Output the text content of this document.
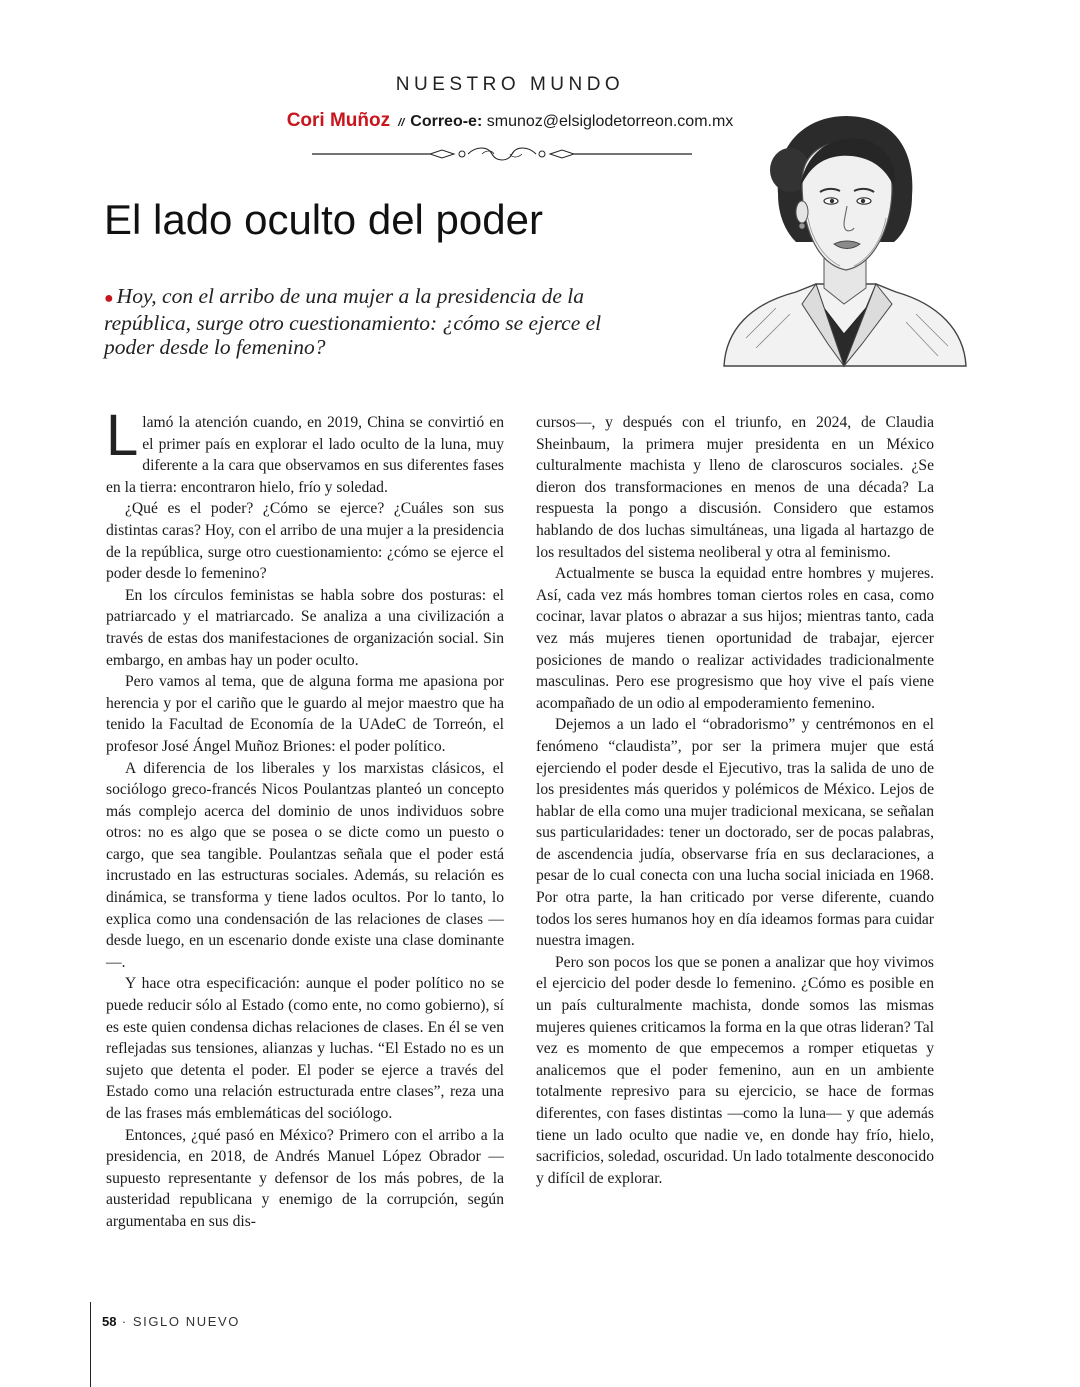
NUESTRO MUNDO
Cori Muñoz // Correo-e: smunoz@elsiglodetorreon.com.mx
El lado oculto del poder
● Hoy, con el arribo de una mujer a la presidencia de la república, surge otro cuestionamiento: ¿cómo se ejerce el poder desde lo femenino?

Llamó la atención cuando, en 2019, China se convirtió en el primer país en explorar el lado oculto de la luna, muy diferente a la cara que observamos en sus diferentes fases en la tierra: encontraron hielo, frío y soledad.

¿Qué es el poder? ¿Cómo se ejerce? ¿Cuáles son sus distintas caras? Hoy, con el arribo de una mujer a la presidencia de la república, surge otro cuestionamiento: ¿cómo se ejerce el poder desde lo femenino?

En los círculos feministas se habla sobre dos posturas: el patriarcado y el matriarcado. Se analiza a una civilización a través de estas dos manifestaciones de organización social. Sin embargo, en ambas hay un poder oculto.

Pero vamos al tema, que de alguna forma me apasiona por herencia y por el cariño que le guardo al mejor maestro que ha tenido la Facultad de Economía de la UAdeC de Torreón, el profesor José Ángel Muñoz Briones: el poder político.

A diferencia de los liberales y los marxistas clásicos, el sociólogo greco-francés Nicos Poulantzas planteó un concepto más complejo acerca del dominio de unos individuos sobre otros: no es algo que se posea o se dicte como un puesto o cargo, que sea tangible. Poulantzas señala que el poder está incrustado en las estructuras sociales. Además, su relación es dinámica, se transforma y tiene lados ocultos. Por lo tanto, lo explica como una condensación de las relaciones de clases —desde luego, en un escenario donde existe una clase dominante—.

Y hace otra especificación: aunque el poder político no se puede reducir sólo al Estado (como ente, no como gobierno), sí es este quien condensa dichas relaciones de clases. En él se ven reflejadas sus tensiones, alianzas y luchas. “El Estado no es un sujeto que detenta el poder. El poder se ejerce a través del Estado como una relación estructurada entre clases”, reza una de las frases más emblemáticas del sociólogo.

Entonces, ¿qué pasó en México? Primero con el arribo a la presidencia, en 2018, de Andrés Manuel López Obrador —supuesto representante y defensor de los más pobres, de la austeridad republicana y enemigo de la corrupción, según argumentaba en sus dis-

cursos—, y después con el triunfo, en 2024, de Claudia Sheinbaum, la primera mujer presidenta en un México culturalmente machista y lleno de claroscuros sociales. ¿Se dieron dos transformaciones en menos de una década? La respuesta la pongo a discusión. Considero que estamos hablando de dos luchas simultáneas, una ligada al hartazgo de los resultados del sistema neoliberal y otra al feminismo.

Actualmente se busca la equidad entre hombres y mujeres. Así, cada vez más hombres toman ciertos roles en casa, como cocinar, lavar platos o abrazar a sus hijos; mientras tanto, cada vez más mujeres tienen oportunidad de trabajar, ejercer posiciones de mando o realizar actividades tradicionalmente masculinas. Pero ese progresismo que hoy vive el país viene acompañado de un odio al empoderamiento femenino.

Dejemos a un lado el “obradorismo” y centrémonos en el fenómeno “claudista”, por ser la primera mujer que está ejerciendo el poder desde el Ejecutivo, tras la salida de uno de los presidentes más queridos y polémicos de México. Lejos de hablar de ella como una mujer tradicional mexicana, se señalan sus particularidades: tener un doctorado, ser de pocas palabras, de ascendencia judía, observarse fría en sus declaraciones, a pesar de lo cual conecta con una lucha social iniciada en 1968. Por otra parte, la han criticado por verse diferente, cuando todos los seres humanos hoy en día ideamos formas para cuidar nuestra imagen.

Pero son pocos los que se ponen a analizar que hoy vivimos el ejercicio del poder desde lo femenino. ¿Cómo es posible en un país culturalmente machista, donde somos las mismas mujeres quienes criticamos la forma en la que otras lideran? Tal vez es momento de que empecemos a romper etiquetas y analicemos que el poder femenino, aun en un ambiente totalmente represivo para su ejercicio, se hace de formas diferentes, con fases distintas —como la luna— y que además tiene un lado oculto que nadie ve, en donde hay frío, hielo, sacrificios, soledad, oscuridad. Un lado totalmente desconocido y difícil de explorar.

58 · SIGLO NUEVO
